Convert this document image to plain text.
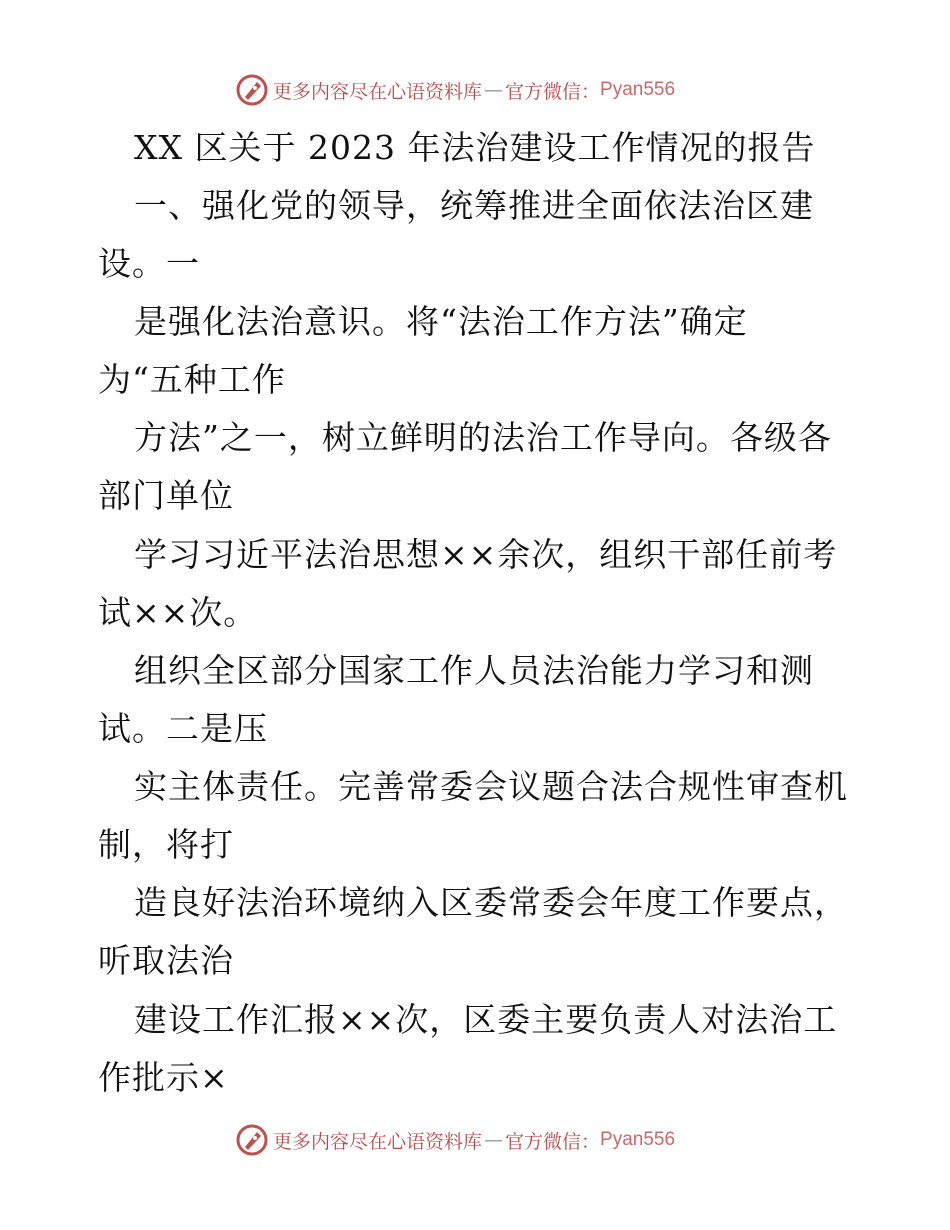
更多内容尽在心语资料库 — 官方微信： Pyan556
XX 区关于 2023 年法治建设工作情况的报告
一、强化党的领导，统筹推进全面依法治区建
设。一
是强化法治意识。将“法治工作方法”确定
为“五种工作
方法”之一，树立鲜明的法治工作导向。各级各
部门单位
学习习近平法治思想××余次，组织干部任前考
试××次。
组织全区部分国家工作人员法治能力学习和测
试。二是压
实主体责任。完善常委会议题合法合规性审查机
制，将打
造良好法治环境纳入区委常委会年度工作要点，
听取法治
建设工作汇报××次，区委主要负责人对法治工
作批示×
更多内容尽在心语资料库 — 官方微信： Pyan556
